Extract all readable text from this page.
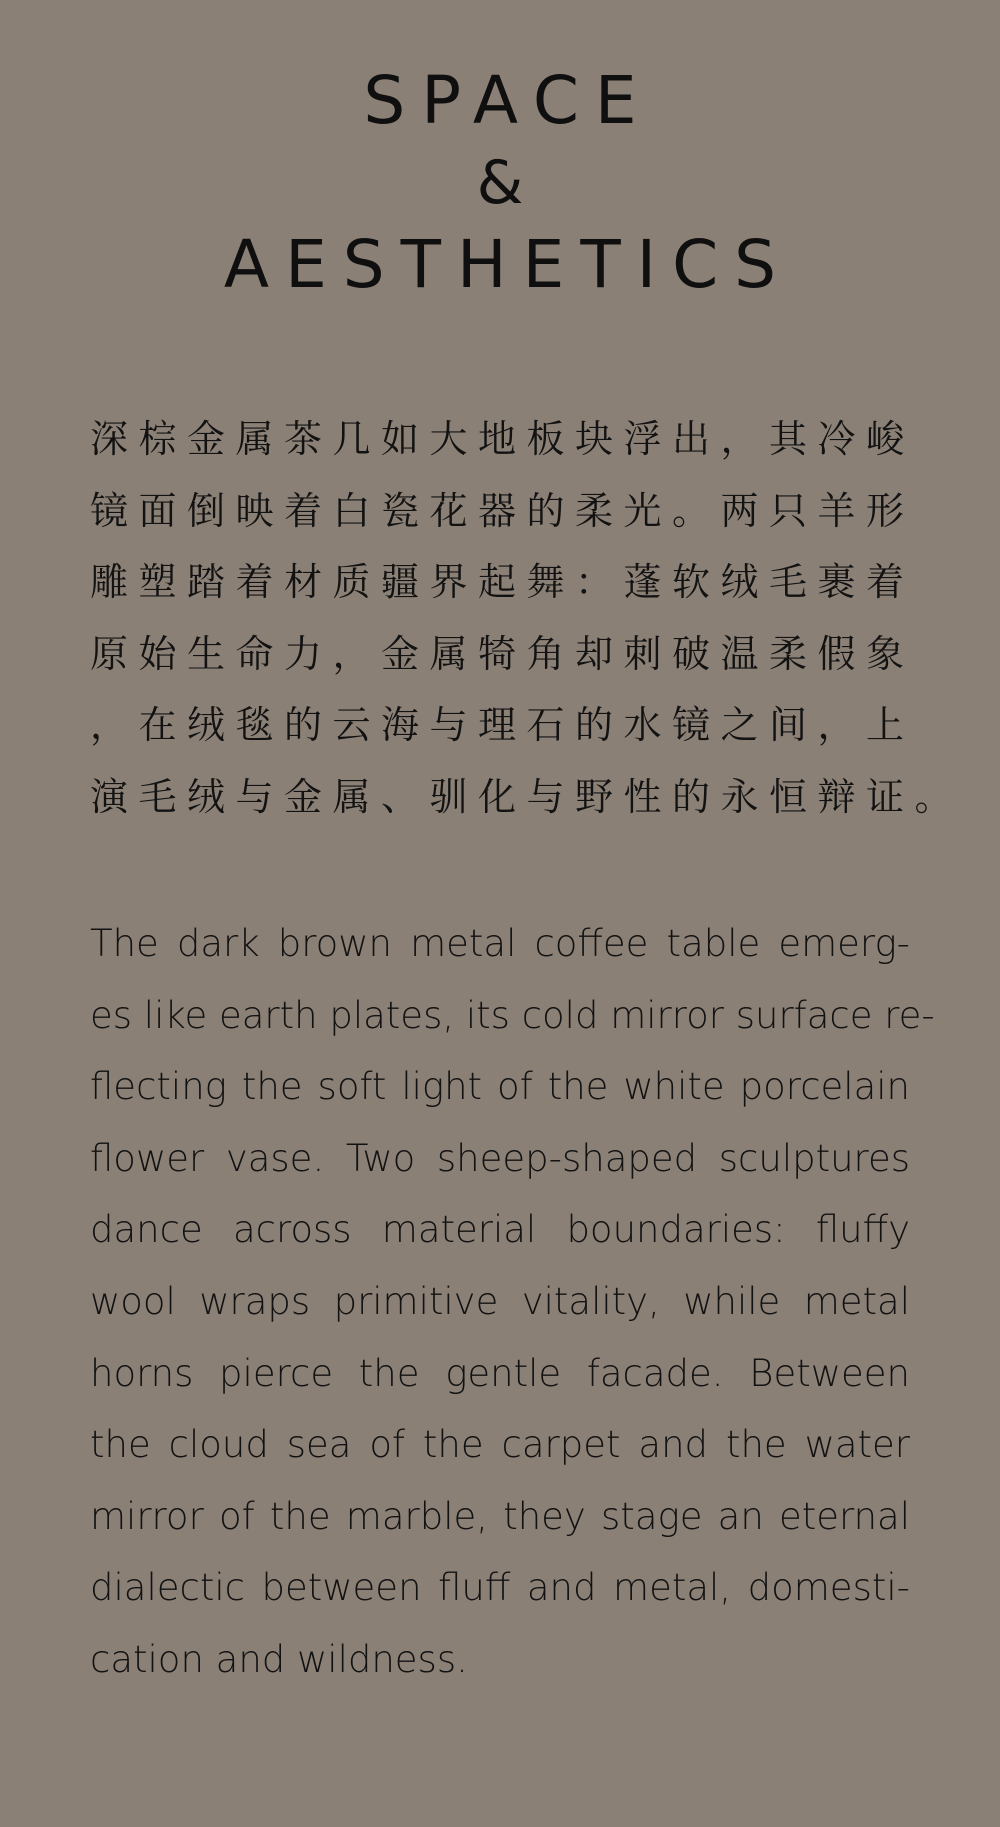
SPACE
&
AESTHETICS
深棕金属茶几如大地板块浮出，其冷峻
镜面倒映着白瓷花器的柔光。两只羊形
雕塑踏着材质疆界起舞：蓬软绒毛裹着
原始生命力，金属犄角却刺破温柔假象
，在绒毯的云海与理石的水镜之间，上
演毛绒与金属、驯化与野性的永恒辩证。
The dark brown metal coffee table emerg-
es like earth plates, its cold mirror surface re-
flecting the soft light of the white porcelain
flower vase. Two sheep-shaped sculptures
dance across material boundaries: fluffy
wool wraps primitive vitality, while metal
horns pierce the gentle facade. Between
the cloud sea of the carpet and the water
mirror of the marble, they stage an eternal
dialectic between fluff and metal, domesti-
cation and wildness.
